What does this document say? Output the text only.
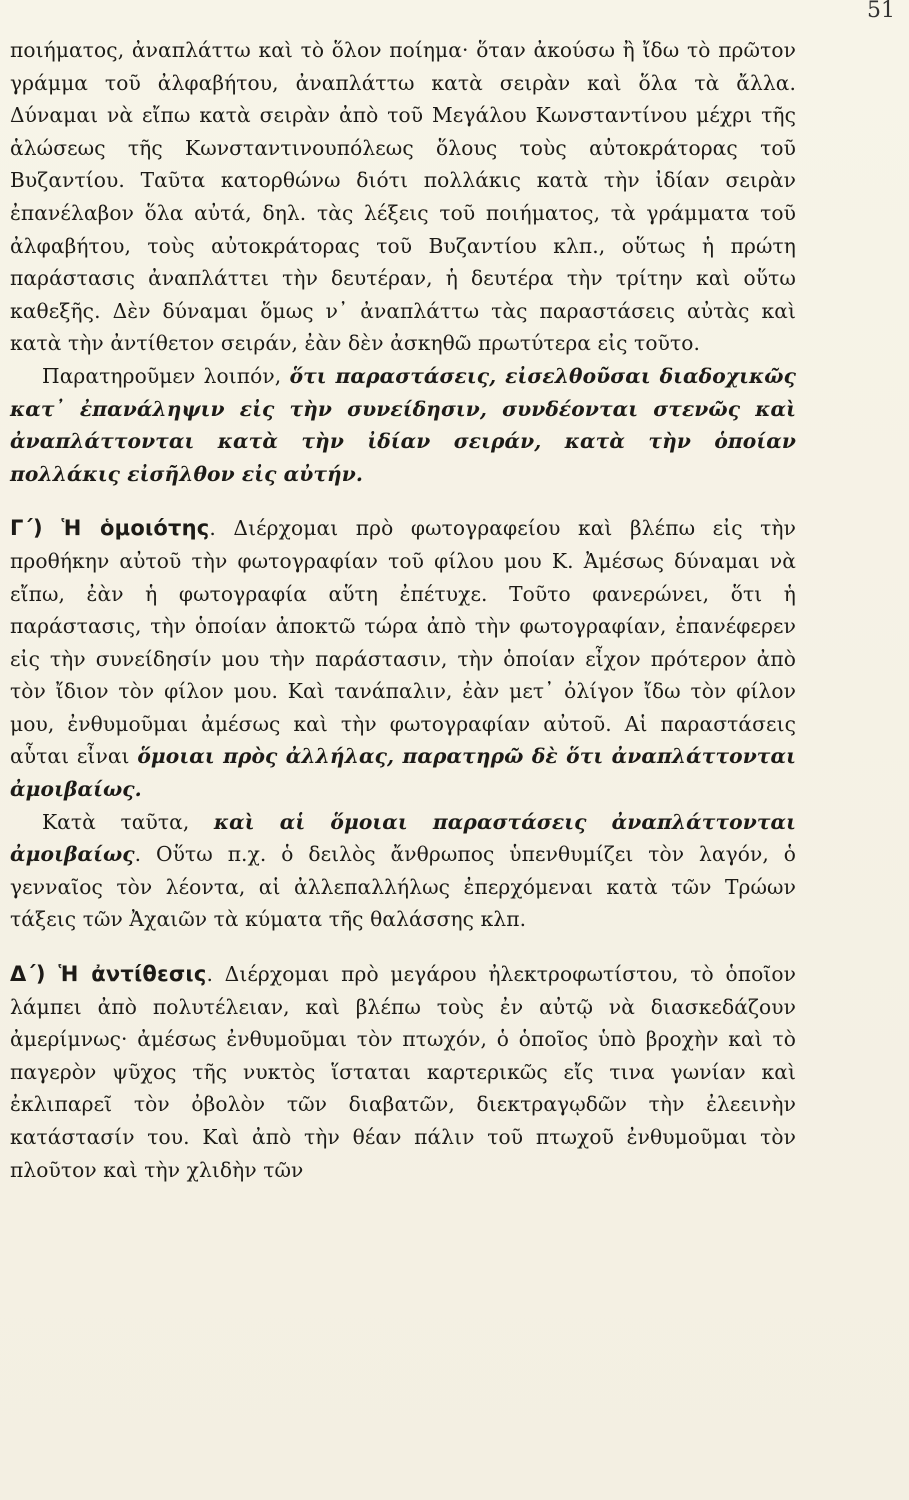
51

ποιήματος, ἀναπλάττω καὶ τὸ ὅλον ποίημα· ὅταν ἀκούσω ἢ ἴδω τὸ πρῶτον γράμμα τοῦ ἀλφαβήτου, ἀναπλάττω κατὰ σειρὰν καὶ ὅλα τὰ ἄλλα. Δύναμαι νὰ εἴπω κατὰ σειρὰν ἀπὸ τοῦ Μεγάλου Κωνσταντίνου μέχρι τῆς ἁλώσεως τῆς Κωνσταντινουπόλεως ὅλους τοὺς αὐτοκράτορας τοῦ Βυζαντίου. Ταῦτα κατορθώνω διότι πολλάκις κατὰ τὴν ἰδίαν σειρὰν ἐπανέλαβον ὅλα αὐτά, δηλ. τὰς λέξεις τοῦ ποιήματος, τὰ γράμματα τοῦ ἀλφαβήτου, τοὺς αὐτοκράτορας τοῦ Βυζαντίου κλπ., οὕτως ἡ πρώτη παράστασις ἀναπλάττει τὴν δευτέραν, ἡ δευτέρα τὴν τρίτην καὶ οὕτω καθεξῆς. Δὲν δύναμαι ὅμως ν᾽ ἀναπλάττω τὰς παραστάσεις αὐτὰς καὶ κατὰ τὴν ἀντίθετον σειράν, ἐὰν δὲν ἀσκηθῶ πρωτύτερα εἰς τοῦτο.

Παρατηροῦμεν λοιπόν, ὅτι παραστάσεις, εἰσελθοῦσαι διαδοχικῶς κατ᾽ ἐπανάληψιν εἰς τὴν συνείδησιν, συνδέονται στενῶς καὶ ἀναπλάττονται κατὰ τὴν ἰδίαν σειράν, κατὰ τὴν ὁποίαν πολλάκις εἰσῆλθον εἰς αὐτήν.

Γ΄) Ἡ ὁμοιότης. Διέρχομαι πρὸ φωτογραφείου καὶ βλέπω εἰς τὴν προθήκην αὐτοῦ τὴν φωτογραφίαν τοῦ φίλου μου Κ. Ἀμέσως δύναμαι νὰ εἴπω, ἐὰν ἡ φωτογραφία αὕτη ἐπέτυχε. Τοῦτο φανερώνει, ὅτι ἡ παράστασις, τὴν ὁποίαν ἀποκτῶ τώρα ἀπὸ τὴν φωτογραφίαν, ἐπανέφερεν εἰς τὴν συνείδησίν μου τὴν παράστασιν, τὴν ὁποίαν εἶχον πρότερον ἀπὸ τὸν ἴδιον τὸν φίλον μου. Καὶ τανάπαλιν, ἐὰν μετ᾽ ὀλίγον ἴδω τὸν φίλον μου, ἐνθυμοῦμαι ἀμέσως καὶ τὴν φωτογραφίαν αὐτοῦ. Αἱ παραστάσεις αὗται εἶναι ὅμοιαι πρὸς ἀλλήλας, παρατηρῶ δὲ ὅτι ἀναπλάττονται ἀμοιβαίως.

Κατὰ ταῦτα, καὶ αἱ ὅμοιαι παραστάσεις ἀναπλάττονται ἀμοιβαίως. Οὕτω π.χ. ὁ δειλὸς ἄνθρωπος ὑπενθυμίζει τὸν λαγόν, ὁ γενναῖος τὸν λέοντα, αἱ ἀλλεπαλλήλως ἐπερχόμεναι κατὰ τῶν Τρώων τάξεις τῶν Ἀχαιῶν τὰ κύματα τῆς θαλάσσης κλπ.

Δ΄) Ἡ ἀντίθεσις. Διέρχομαι πρὸ μεγάρου ἠλεκτροφωτίστου, τὸ ὁποῖον λάμπει ἀπὸ πολυτέλειαν, καὶ βλέπω τοὺς ἐν αὐτῷ νὰ διασκεδάζουν ἀμερίμνως· ἀμέσως ἐνθυμοῦμαι τὸν πτωχόν, ὁ ὁποῖος ὑπὸ βροχὴν καὶ τὸ παγερὸν ψῦχος τῆς νυκτὸς ἵσταται καρτερικῶς εἴς τινα γωνίαν καὶ ἐκλιπαρεῖ τὸν ὀβολὸν τῶν διαβατῶν, διεκτραγῳδῶν τὴν ἐλεεινὴν κατάστασίν του. Καὶ ἀπὸ τὴν θέαν πάλιν τοῦ πτωχοῦ ἐνθυμοῦμαι τὸν πλοῦτον καὶ τὴν χλιδὴν τῶν
